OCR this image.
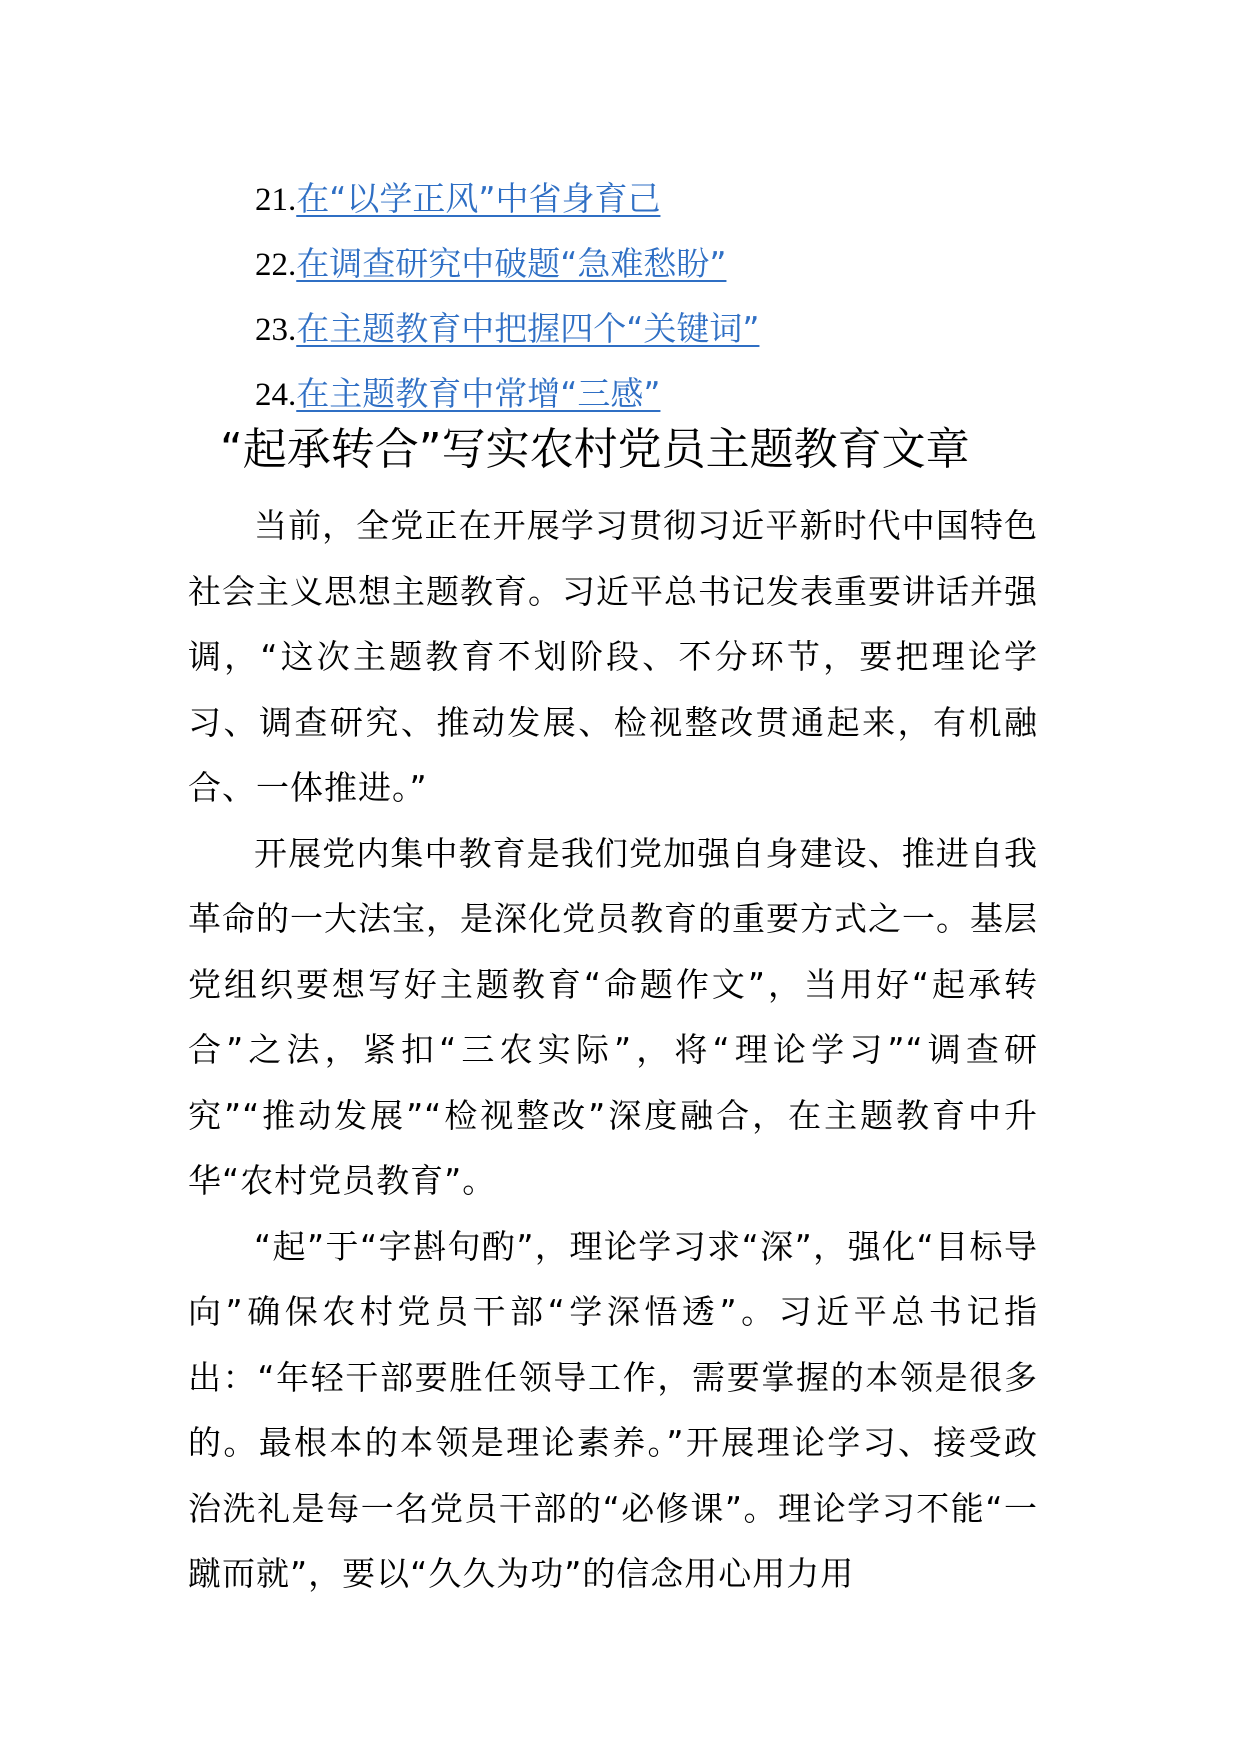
21.在“以学正风”中省身育己
22.在调查研究中破题“急难愁盼”
23.在主题教育中把握四个“关键词”
24.在主题教育中常增“三感”
“起承转合”写实农村党员主题教育文章

当前，全党正在开展学习贯彻习近平新时代中国特色社会主义思想主题教育。习近平总书记发表重要讲话并强调，“这次主题教育不划阶段、不分环节，要把理论学习、调查研究、推动发展、检视整改贯通起来，有机融合、一体推进。”

开展党内集中教育是我们党加强自身建设、推进自我革命的一大法宝，是深化党员教育的重要方式之一。基层党组织要想写好主题教育“命题作文”，当用好“起承转合”之法，紧扣“三农实际”，将“理论学习”“调查研究”“推动发展”“检视整改”深度融合，在主题教育中升华“农村党员教育”。

“起”于“字斟句酌”，理论学习求“深”，强化“目标导向”确保农村党员干部“学深悟透”。习近平总书记指出：“年轻干部要胜任领导工作，需要掌握的本领是很多的。最根本的本领是理论素养。”开展理论学习、接受政治洗礼是每一名党员干部的“必修课”。理论学习不能“一蹴而就”，要以“久久为功”的信念用心用力用
